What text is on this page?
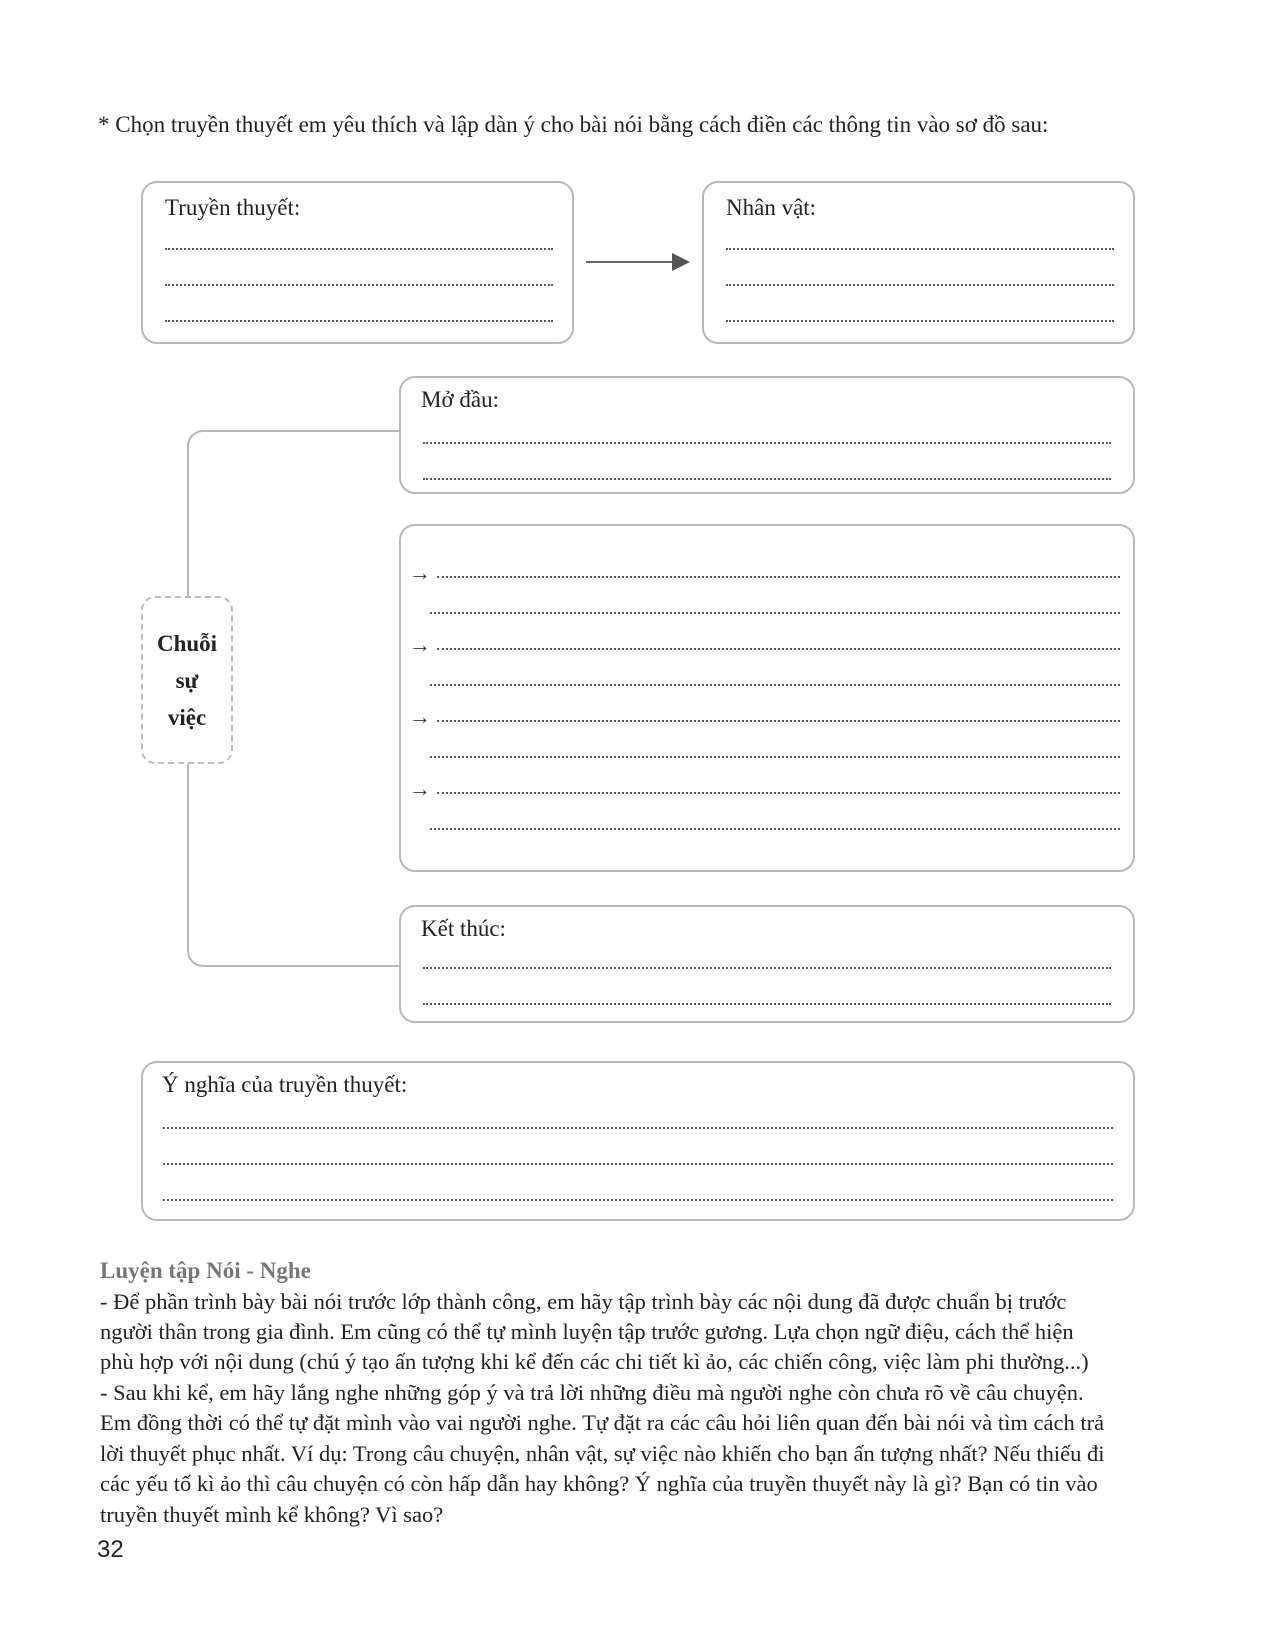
* Chọn truyền thuyết em yêu thích và lập dàn ý cho bài nói bằng cách điền các thông tin vào sơ đồ sau:
Truyền thuyết:	Nhân vật:
Chuỗi
sự
việc
Mở đầu:
→
→
→
→
Kết thúc:
Ý nghĩa của truyền thuyết:
Luyện tập Nói - Nghe
- Để phần trình bày bài nói trước lớp thành công, em hãy tập trình bày các nội dung đã được chuẩn bị trước
người thân trong gia đình. Em cũng có thể tự mình luyện tập trước gương. Lựa chọn ngữ điệu, cách thể hiện
phù hợp với nội dung (chú ý tạo ấn tượng khi kể đến các chi tiết kì ảo, các chiến công, việc làm phi thường...)
- Sau khi kể, em hãy lắng nghe những góp ý và trả lời những điều mà người nghe còn chưa rõ về câu chuyện.
Em đồng thời có thể tự đặt mình vào vai người nghe. Tự đặt ra các câu hỏi liên quan đến bài nói và tìm cách trả
lời thuyết phục nhất. Ví dụ: Trong câu chuyện, nhân vật, sự việc nào khiến cho bạn ấn tượng nhất? Nếu thiếu đi
các yếu tố kì ảo thì câu chuyện có còn hấp dẫn hay không? Ý nghĩa của truyền thuyết này là gì? Bạn có tin vào
truyền thuyết mình kể không? Vì sao?
32
